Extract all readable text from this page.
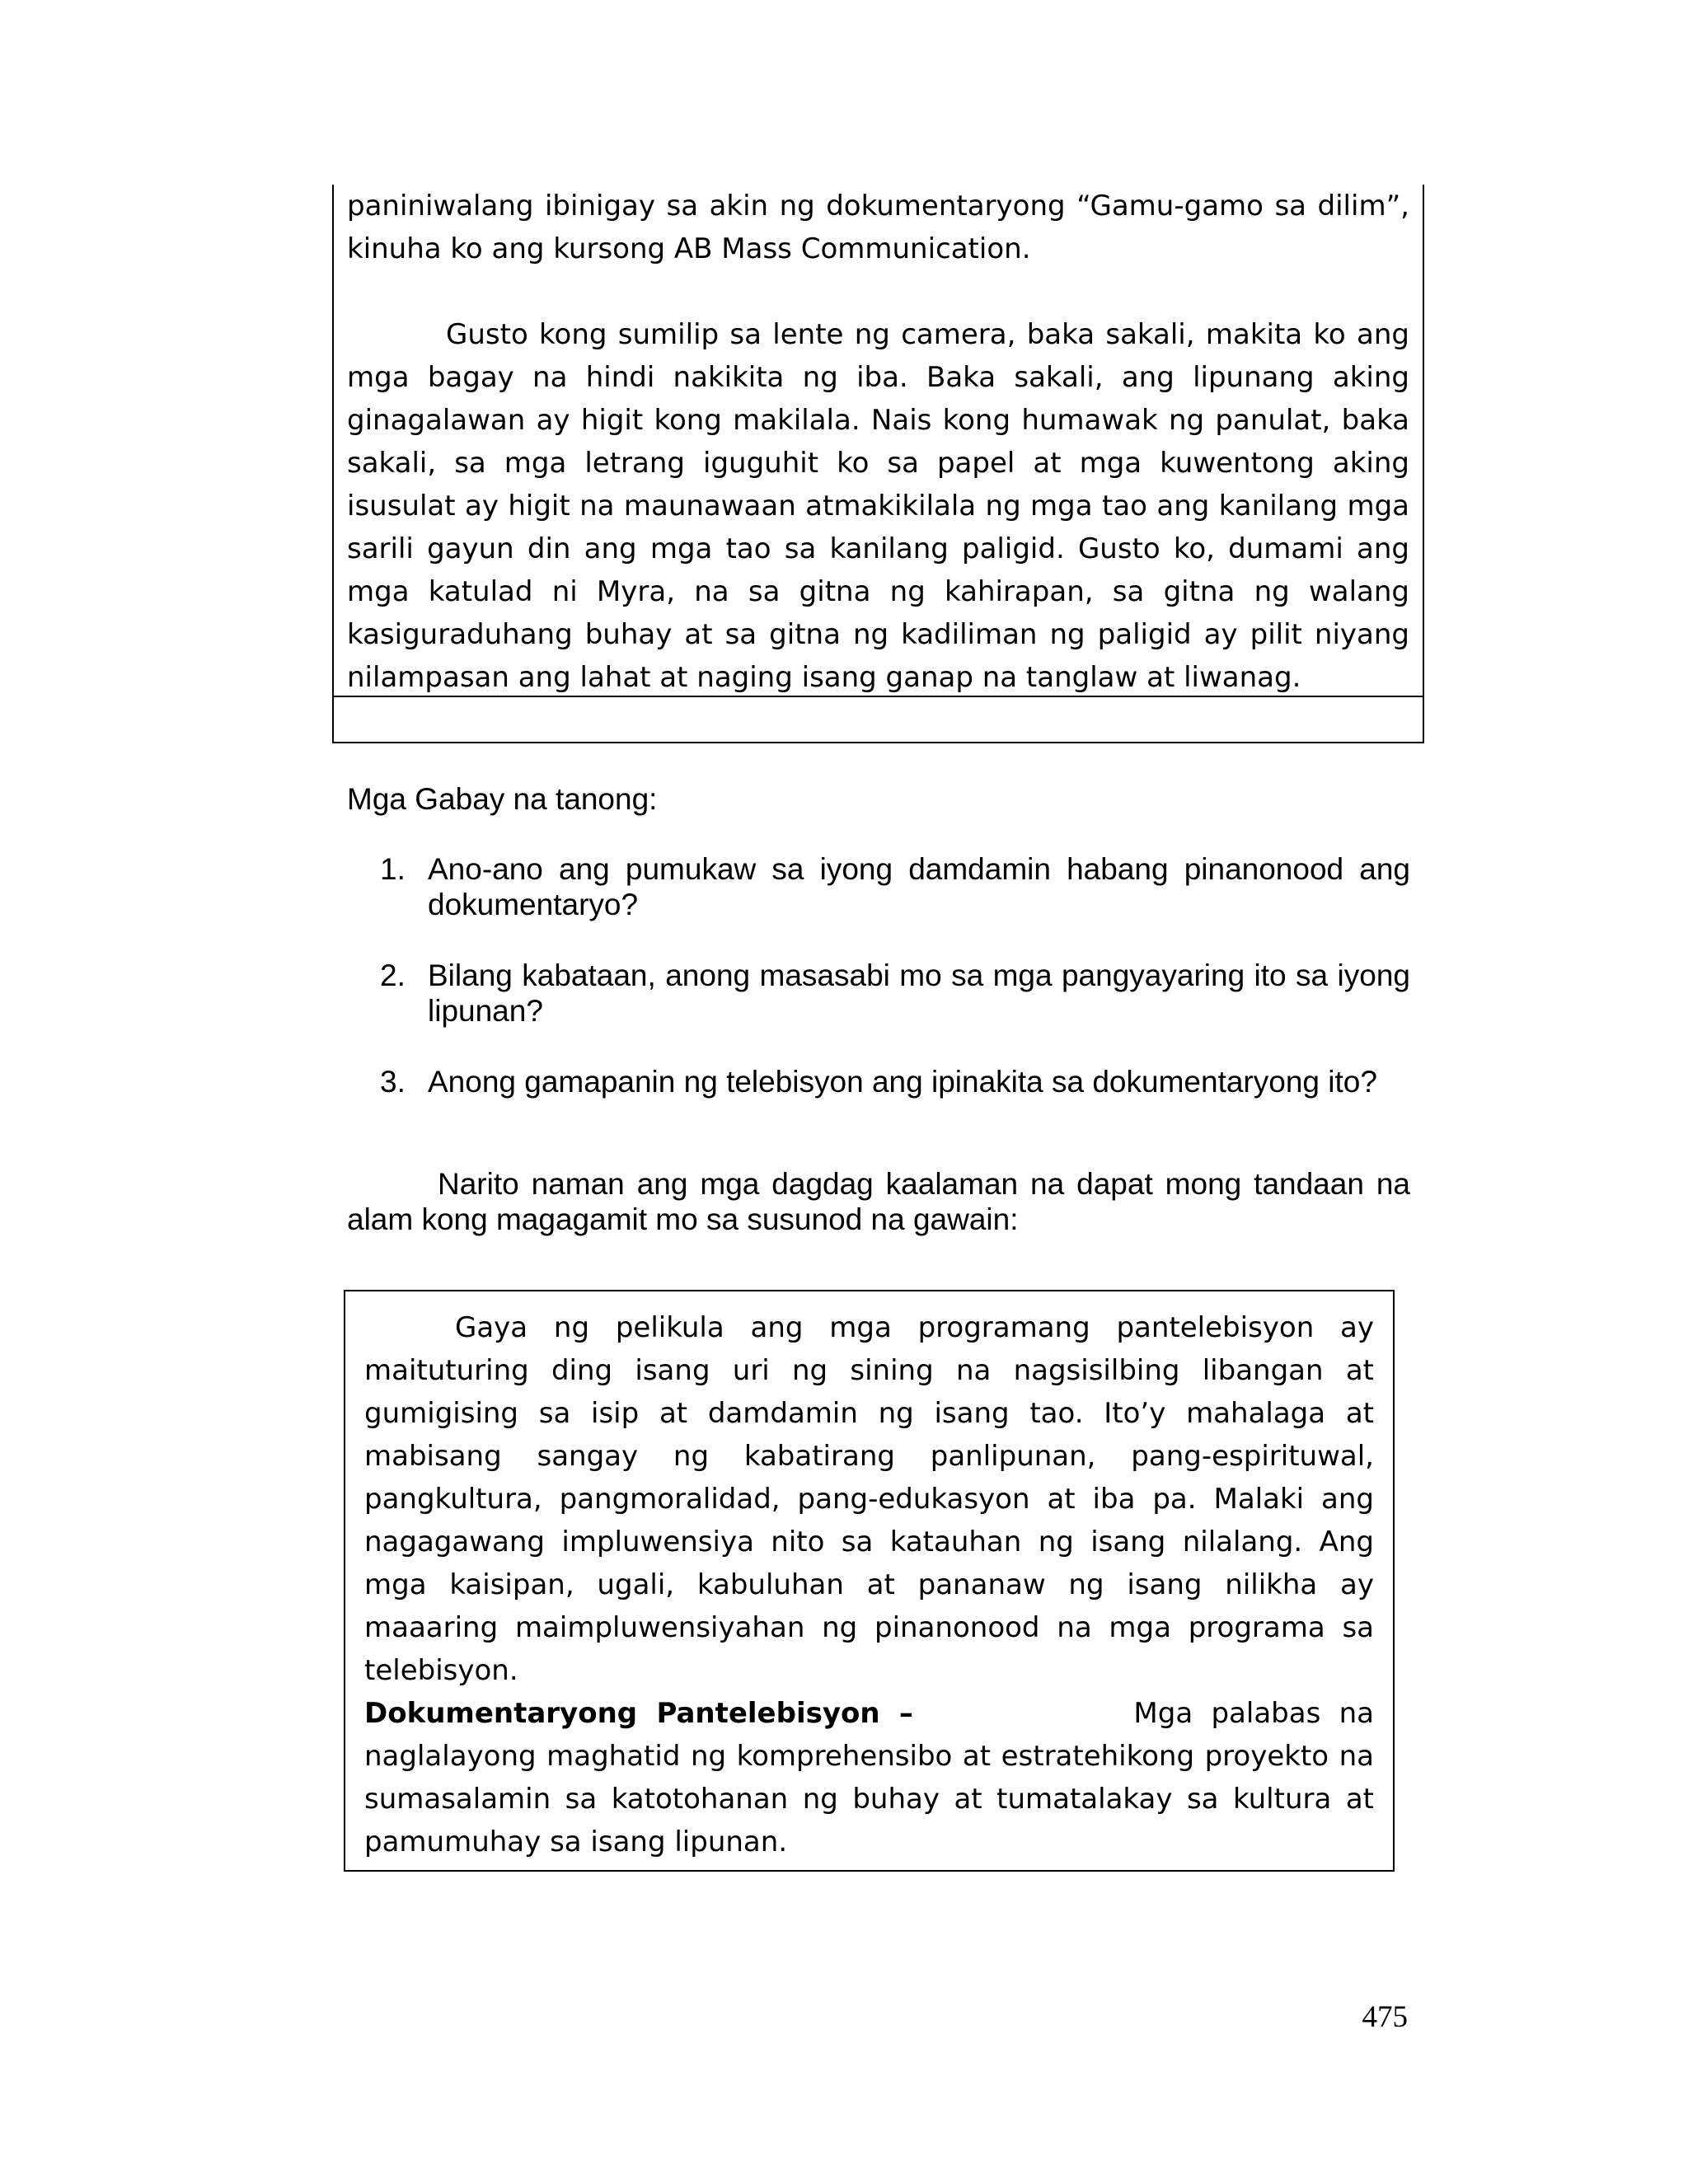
paniniwalang ibinigay sa akin ng dokumentaryong “Gamu-gamo sa dilim”, kinuha ko ang kursong AB Mass Communication.

Gusto kong sumilip sa lente ng camera, baka sakali, makita ko ang mga bagay na hindi nakikita ng iba. Baka sakali, ang lipunang aking ginagalawan ay higit kong makilala. Nais kong humawak ng panulat, baka sakali, sa mga letrang iguguhit ko sa papel at mga kuwentong aking isusulat ay higit na maunawaan atmakikilala ng mga tao ang kanilang mga sarili gayun din ang mga tao sa kanilang paligid. Gusto ko, dumami ang mga katulad ni Myra, na sa gitna ng kahirapan, sa gitna ng walang kasiguraduhang buhay at sa gitna ng kadiliman ng paligid ay pilit niyang nilampasan ang lahat at naging isang ganap na tanglaw at liwanag.

Mga Gabay na tanong:

1. Ano-ano ang pumukaw sa iyong damdamin habang pinanonood ang dokumentaryo?
2. Bilang kabataan, anong masasabi mo sa mga pangyayaring ito sa iyong lipunan?
3. Anong gamapanin ng telebisyon ang ipinakita sa dokumentaryong ito?

Narito naman ang mga dagdag kaalaman na dapat mong tandaan na alam kong magagamit mo sa susunod na gawain:

Gaya ng pelikula ang mga programang pantelebisyon ay maituturing ding isang uri ng sining na nagsisilbing libangan at gumigising sa isip at damdamin ng isang tao. Ito’y mahalaga at mabisang sangay ng kabatirang panlipunan, pang-espirituwal, pangkultura, pangmoralidad, pang-edukasyon at iba pa. Malaki ang nagagawang impluwensiya nito sa katauhan ng isang nilalang. Ang mga kaisipan, ugali, kabuluhan at pananaw ng isang nilikha ay maaaring maimpluwensiyahan ng pinanonood na mga programa sa telebisyon.

Dokumentaryong Pantelebisyon –	Mga palabas na naglalayong maghatid ng komprehensibo at estratehikong proyekto na sumasalamin sa katotohanan ng buhay at tumatalakay sa kultura at pamumuhay sa isang lipunan.

475
